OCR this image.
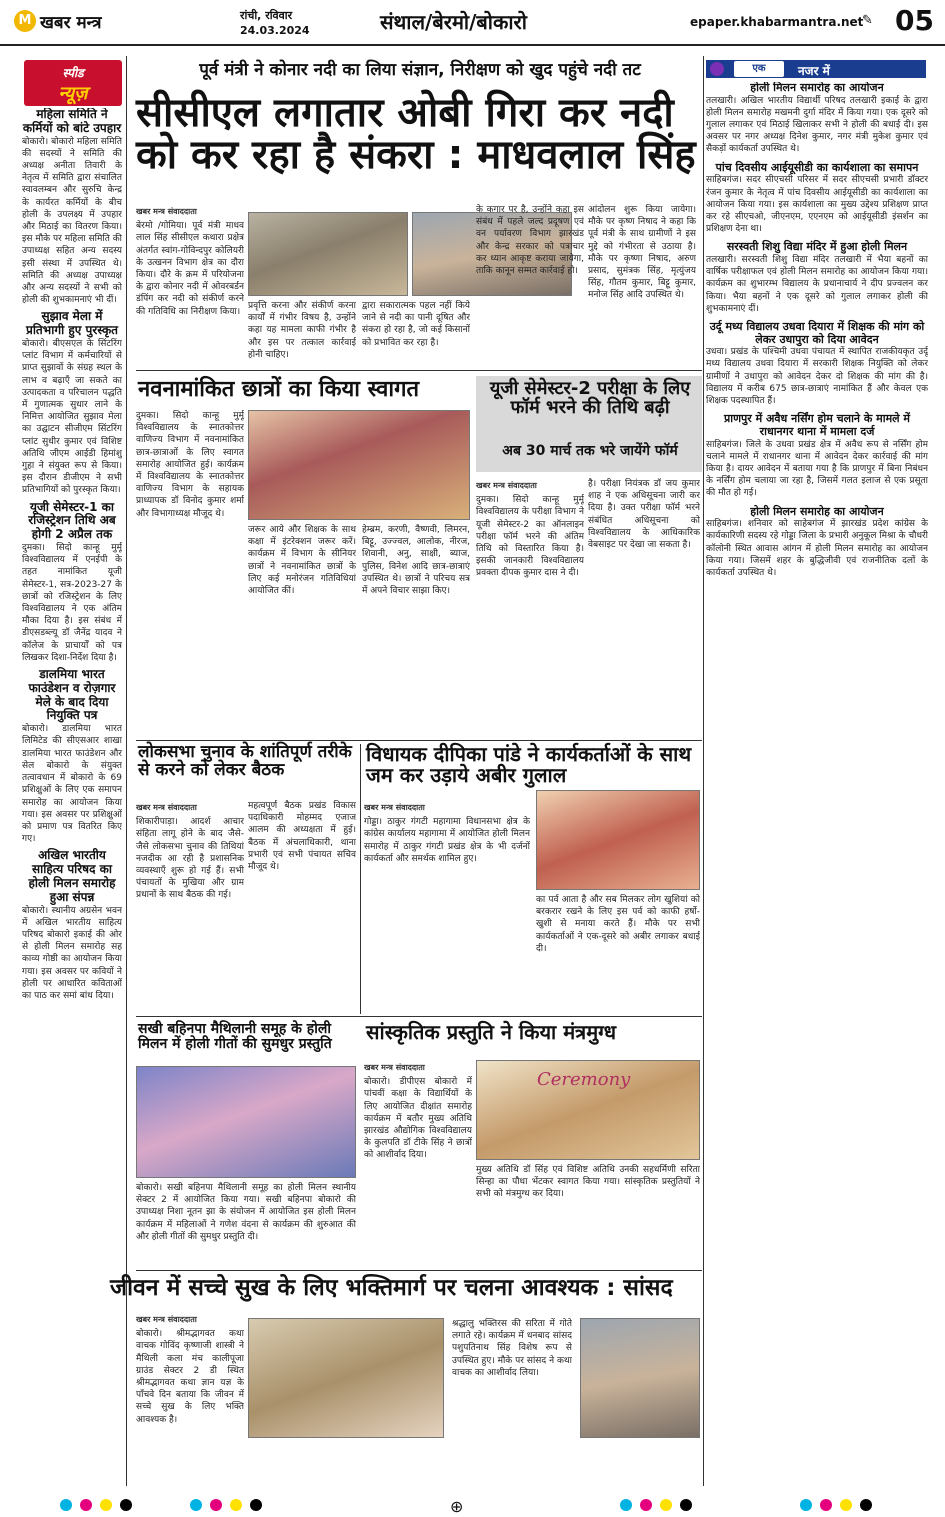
M खबर मन्त्र	रांची, रविवार
24.03.2024	संथाल/बेरमो/बोकारो	epaper.khabarmantra.net
✎ 05
स्पीड
न्यूज़
महिला समिति ने कर्मियों को बांटे उपहार

बोकारो। बोकारो महिला समिति की सदस्यों ने समिति की अध्यक्ष अनीता तिवारी के नेतृत्व में समिति द्वारा संचालित स्वावलम्बन और सुरुचि केन्द्र के कार्यरत कर्मियों के बीच होली के उपलक्ष्य में उपहार और मिठाई का वितरण किया। इस मौके पर महिला समिति की उपाध्यक्ष सहित अन्य सदस्य इसी संस्था में उपस्थित थे। समिति की अध्यक्ष उपाध्यक्ष और अन्य सदस्यों ने सभी को होली की शुभकामनाएं भी दीं।

सुझाव मेला में प्रतिभागी हुए पुरस्कृत

बोकारो। बीएसएल के सिंटरिंग प्लांट विभाग में कर्मचारियों से प्राप्त सुझावों के संग्रह स्थल के लाभ व बढ़ाएँ जा सकते का उत्पादकता व परिचालन पद्धति में गुणात्मक सुधार लाने के निमित्त आयोजित सुझाव मेला का उद्घाटन सीजीएम सिंटरिंग प्लांट सुधीर कुमार एवं विशिष्ट अतिथि जीएम आईडी हिमांशु गुहा ने संयुक्त रूप से किया। इस दौरान डीजीएम ने सभी प्रतिभागियों को पुरस्कृत किया।

यूजी सेमेस्टर-1 का रजिस्ट्रेशन तिथि अब होगी 2 अप्रैल तक

दुमका। सिदो कान्हू मुर्मू विश्वविद्यालय में एनईपी के तहत नामांकित यूजी सेमेस्टर-1, सत्र-2023-27 के छात्रों को रजिस्ट्रेशन के लिए विश्वविद्यालय ने एक अंतिम मौका दिया है। इस संबंध में डीएसडब्ल्यू डॉ जैनेंद्र यादव ने कॉलेज के प्राचार्यों को पत्र लिखकर दिशा-निर्देश दिया है।

डालमिया भारत फाउंडेशन व रोज़गार मेले के बाद दिया नियुक्ति पत्र

बोकारो। डालमिया भारत लिमिटेड की सीएसआर शाखा डालमिया भारत फाउंडेशन और सेल बोकारो के संयुक्त तत्वावधान में बोकारो के 69 प्रशिक्षुओं के लिए एक समापन समारोह का आयोजन किया गया। इस अवसर पर प्रशिक्षुओं को प्रमाण पत्र वितरित किए गए।

अखिल भारतीय साहित्य परिषद का होली मिलन समारोह हुआ संपन्न

बोकारो। स्थानीय अग्रसेन भवन में अखिल भारतीय साहित्य परिषद बोकारो इकाई की ओर से होली मिलन समारोह सह काव्य गोष्ठी का आयोजन किया गया। इस अवसर पर कवियों ने होली पर आधारित कविताओं का पाठ कर समां बांध दिया।

पूर्व मंत्री ने कोनार नदी का लिया संज्ञान, निरीक्षण को खुद पहुंचे नदी तट
सीसीएल लगातार ओबी गिरा कर नदी को कर रहा है संकरा : माधवलाल सिंह
खबर मन्त्र संवाददाता

बेरमो /गोमिया। पूर्व मंत्री माधव लाल सिंह सीसीएल कथारा प्रक्षेत्र अंतर्गत स्वांग-गोविन्दपुर कोलियरी के उत्खनन विभाग क्षेत्र का दौरा किया। दौरे के क्रम में परियोजना के द्वारा कोनार नदी में ओवरबर्डन डंपिंग कर नदी को संकीर्ण करने की गतिविधि का निरीक्षण किया।

प्रवृत्ति करना और संकीर्ण करना कार्यों में गंभीर विषय है, उन्होंने कहा यह मामला काफी गंभीर है और इस पर तत्काल कार्रवाई होनी चाहिए।

द्वारा सकारात्मक पहल नहीं किये जाने से नदी का पानी दूषित और संकरा हो रहा है, जो कई किसानों को प्रभावित कर रहा है।

के कगार पर है, उन्होंने कहा इस संबंध में पहले जल्द प्रदूषण एवं वन पर्यावरण विभाग झारखंड और केन्द्र सरकार को पत्राचार कर ध्यान आकृष्ट कराया जायेगा, ताकि कानून सम्मत कार्रवाई हो।

आंदोलन शुरू किया जायेगा। मौके पर कृष्ण निषाद ने कहा कि पूर्व मंत्री के साथ ग्रामीणों ने इस मुद्दे को गंभीरता से उठाया है। मौके पर कृष्णा निषाद, अरुण प्रसाद, सुमंत्रक सिंह, मृत्युंजय सिंह, गौतम कुमार, बिट्टू कुमार, मनोज सिंह आदि उपस्थित थे।

नवनामांकित छात्रों का किया स्वागत

दुमका। सिदो कान्हू मुर्मू विश्वविद्यालय के स्नातकोत्तर वाणिज्य विभाग में नवनामांकित छात्र-छात्राओं के लिए स्वागत समारोह आयोजित हुई। कार्यक्रम में विश्वविद्यालय के स्नातकोत्तर वाणिज्य विभाग के सहायक प्राध्यापक डॉ विनोद कुमार शर्मा और विभागाध्यक्ष मौजूद थे।

जरूर आये और शिक्षक के साथ कक्षा में इंटरेक्शन जरूर करें। कार्यक्रम में विभाग के सीनियर छात्रों ने नवनामांकित छात्रों के लिए कई मनोरंजन गतिविधियां आयोजित कीं।

हेम्ब्रम, करणी, वैष्णवी, लिमरन, बिट्टू, उज्ज्वल, आलोक, नीरज, शिवानी, अनु, साक्षी, ब्याज, पुलिस, विनेश आदि छात्र-छात्राएं उपस्थित थे। छात्रों ने परिचय सत्र में अपने विचार साझा किए।

यूजी सेमेस्टर-2 परीक्षा के लिए फॉर्म भरने की तिथि बढ़ी
अब 30 मार्च तक भरे जायेंगे फॉर्म
खबर मन्त्र संवाददाता

दुमका। सिदो कान्हू मुर्मू विश्वविद्यालय के परीक्षा विभाग ने यूजी सेमेस्टर-2 का ऑनलाइन परीक्षा फॉर्म भरने की अंतिम तिथि को विस्तारित किया है। इसकी जानकारी विश्वविद्यालय प्रवक्ता दीपक कुमार दास ने दी।

है। परीक्षा नियंत्रक डॉ जय कुमार शाह ने एक अधिसूचना जारी कर दिया है। उक्त परीक्षा फॉर्म भरने संबंधित अधिसूचना को विश्वविद्यालय के आधिकारिक वेबसाइट पर देखा जा सकता है।

लोकसभा चुनाव के शांतिपूर्ण तरीके से करने को लेकर बैठक
खबर मन्त्र संवाददाता

शिकारीपाड़ा। आदर्श आचार संहिता लागू होने के बाद जैसे-जैसे लोकसभा चुनाव की तिथियां नजदीक आ रही है प्रशासनिक व्यवस्थाएँ शुरू हो गई हैं। सभी पंचायतों के मुखिया और ग्राम प्रधानों के साथ बैठक की गई।

महत्वपूर्ण बैठक प्रखंड विकास पदाधिकारी मोहम्मद एजाज आलम की अध्यक्षता में हुई। बैठक में अंचलाधिकारी, थाना प्रभारी एवं सभी पंचायत सचिव मौजूद थे।

विधायक दीपिका पांडे ने कार्यकर्ताओं के साथ जम कर उड़ाये अबीर गुलाल
खबर मन्त्र संवाददाता

गोड्डा। ठाकुर गंगटी महागामा विधानसभा क्षेत्र के कांग्रेस कार्यालय महागामा में आयोजित होली मिलन समारोह में ठाकुर गंगटी प्रखंड क्षेत्र के भी दर्जनों कार्यकर्ता और समर्थक शामिल हुए।

का पर्व आता है और सब मिलकर लोग खुशियां को बरकरार रखने के लिए इस पर्व को काफी हर्षो-खुशी से मनाया करते हैं। मौके पर सभी कार्यकर्ताओं ने एक-दूसरे को अबीर लगाकर बधाई दी।

सखी बहिनपा मैथिलानी समूह के होली मिलन में होली गीतों की सुमधुर प्रस्तुति

बोकारो। सखी बहिनपा मैथिलानी समूह का होली मिलन स्थानीय सेक्टर 2 में आयोजित किया गया। सखी बहिनपा बोकारो की उपाध्यक्ष निशा नूतन झा के संयोजन में आयोजित इस होली मिलन कार्यक्रम में महिलाओं ने गणेश वंदना से कार्यक्रम की शुरुआत की और होली गीतों की सुमधुर प्रस्तुति दी।

सांस्कृतिक प्रस्तुति ने किया मंत्रमुग्ध
खबर मन्त्र संवाददाता

बोकारो। डीपीएस बोकारो में पांचवीं कक्षा के विद्यार्थियों के लिए आयोजित दीक्षांत समारोह कार्यक्रम में बतौर मुख्य अतिथि झारखंड औद्योगिक विश्वविद्यालय के कुलपति डॉ टीके सिंह ने छात्रों को आशीर्वाद दिया।

Ceremony

मुख्य अतिथि डॉ सिंह एवं विशिष्ट अतिथि उनकी सहधर्मिणी सरिता सिन्हा का पौधा भेंटकर स्वागत किया गया। सांस्कृतिक प्रस्तुतियों ने सभी को मंत्रमुग्ध कर दिया।

जीवन में सच्चे सुख के लिए भक्तिमार्ग पर चलना आवश्यक : सांसद
खबर मन्त्र संवाददाता

बोकारो। श्रीमद्भागवत कथा वाचक गोविंद कृष्णाजी शास्त्री ने मैथिली कला मंच कालीपूजा ग्राउंड सेक्टर 2 डी स्थित श्रीमद्भागवत कथा ज्ञान यज्ञ के पाँचवे दिन बताया कि जीवन में सच्चे सुख के लिए भक्ति आवश्यक है।

श्रद्धालु भक्तिरस की सरिता में गोते लगाते रहे। कार्यक्रम में धनबाद सांसद पशुपतिनाथ सिंह विशेष रूप से उपस्थित हुए। मौके पर सांसद ने कथा वाचक का आशीर्वाद लिया।

एक	नजर में
होली मिलन समारोह का आयोजन

तलखारी। अखिल भारतीय विद्यार्थी परिषद तलखारी इकाई के द्वारा होली मिलन समारोह मखमनी दुर्गा मंदिर में किया गया। एक दूसरे को गुलाल लगाकर एवं मिठाई खिलाकर सभी ने होली की बधाई दी। इस अवसर पर नगर अध्यक्ष दिनेश कुमार, नगर मंत्री मुकेश कुमार एवं सैकड़ों कार्यकर्ता उपस्थित थे।

पांच दिवसीय आईयूसीडी का कार्यशाला का समापन

साहिबगंज। सदर सीएचसी परिसर में सदर सीएचसी प्रभारी डॉक्टर रंजन कुमार के नेतृत्व में पांच दिवसीय आईयूसीडी का कार्यशाला का आयोजन किया गया। इस कार्यशाला का मुख्य उद्देश्य प्रशिक्षण प्राप्त कर रहे सीएचओ, जीएनएम, एएनएम को आईयूसीडी इंसर्शन का प्रशिक्षण देना था।

सरस्वती शिशु विद्या मंदिर में हुआ होली मिलन

तलखारी। सरस्वती शिशु विद्या मंदिर तलखारी में भैया बहनों का वार्षिक परीक्षाफल एवं होली मिलन समारोह का आयोजन किया गया। कार्यक्रम का शुभारम्भ विद्यालय के प्रधानाचार्य ने दीप प्रज्वलन कर किया। भैया बहनों ने एक दूसरे को गुलाल लगाकर होली की शुभकामनाएं दीं।

उर्दू मध्य विद्यालय उधवा दियारा में शिक्षक की मांग को लेकर उधापुरा को दिया आवेदन

उधवा। प्रखंड के पश्चिमी उधवा पंचायत में स्थापित राजकीयकृत उर्दू मध्य विद्यालय उधवा दियारा में सरकारी शिक्षक नियुक्ति को लेकर ग्रामीणों ने उधापुरा को आवेदन देकर दो शिक्षक की मांग की है। विद्यालय में करीब 675 छात्र-छात्राएं नामांकित हैं और केवल एक शिक्षक पदस्थापित हैं।

प्राणपुर में अवैध नर्सिंग होम चलाने के मामले में राधानगर थाना में मामला दर्ज

साहिबगंज। जिले के उधवा प्रखंड क्षेत्र में अवैध रूप से नर्सिंग होम चलाने मामले में राधानगर थाना में आवेदन देकर कार्रवाई की मांग किया है। दायर आवेदन में बताया गया है कि प्राणपुर में बिना निबंधन के नर्सिंग होम चलाया जा रहा है, जिसमें गलत इलाज से एक प्रसूता की मौत हो गई।

होली मिलन समारोह का आयोजन

साहिबगंज। शनिवार को साहेबगंज में झारखंड प्रदेश कांग्रेस के कार्यकारिणी सदस्य रहे गोड्डा जिला के प्रभारी अनुकूल मिश्रा के चौधरी कॉलोनी स्थित आवास आंगन में होली मिलन समारोह का आयोजन किया गया। जिसमें शहर के बुद्धिजीवी एवं राजनीतिक दलों के कार्यकर्ता उपस्थित थे।

⊕
